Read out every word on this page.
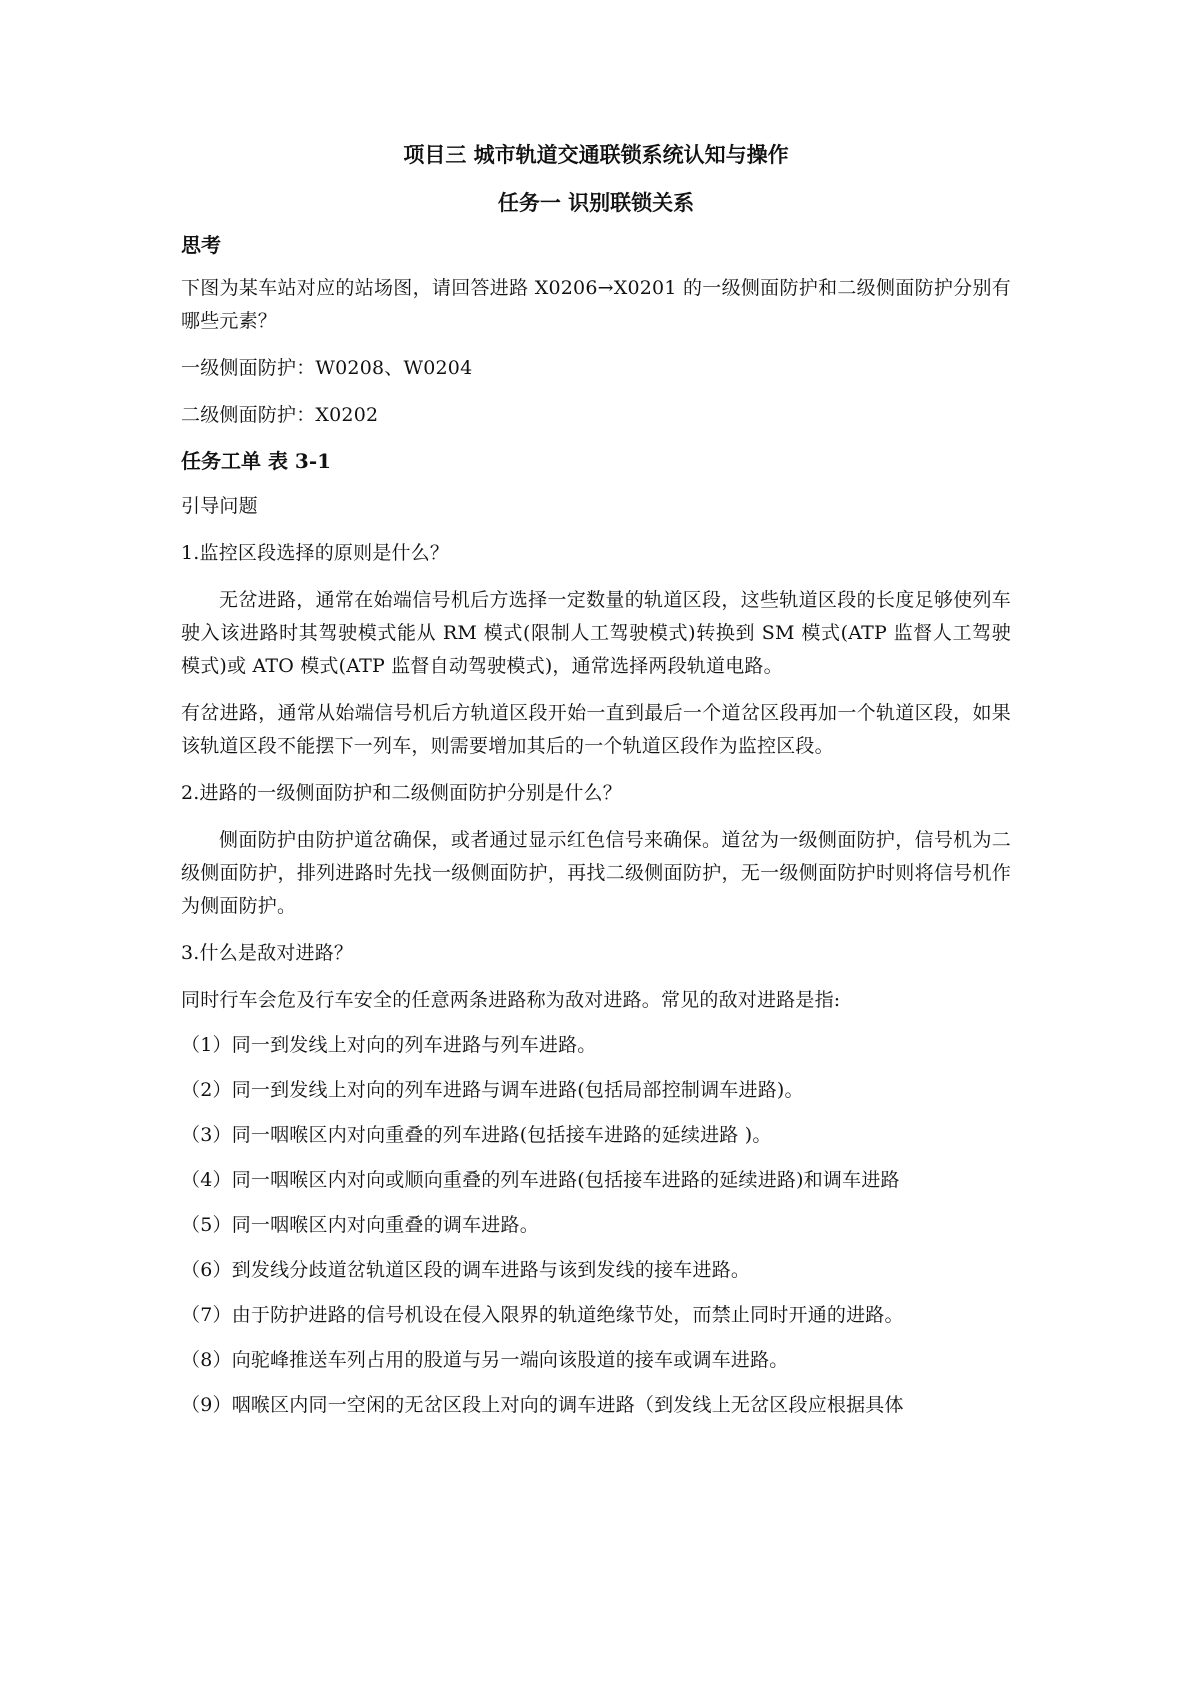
项目三 城市轨道交通联锁系统认知与操作

任务一 识别联锁关系

思考

下图为某车站对应的站场图，请回答进路 X0206→X0201 的一级侧面防护和二级侧面防护分别有哪些元素？

一级侧面防护：W0208、W0204

二级侧面防护：X0202

任务工单 表 3-1

引导问题

1.监控区段选择的原则是什么？

无岔进路，通常在始端信号机后方选择一定数量的轨道区段，这些轨道区段的长度足够使列车驶入该进路时其驾驶模式能从 RM 模式(限制人工驾驶模式)转换到 SM 模式(ATP 监督人工驾驶模式)或 ATO 模式(ATP 监督自动驾驶模式)，通常选择两段轨道电路。

有岔进路，通常从始端信号机后方轨道区段开始一直到最后一个道岔区段再加一个轨道区段，如果该轨道区段不能摆下一列车，则需要增加其后的一个轨道区段作为监控区段。

2.进路的一级侧面防护和二级侧面防护分别是什么？

侧面防护由防护道岔确保，或者通过显示红色信号来确保。道岔为一级侧面防护，信号机为二级侧面防护，排列进路时先找一级侧面防护，再找二级侧面防护，无一级侧面防护时则将信号机作为侧面防护。

3.什么是敌对进路？

同时行车会危及行车安全的任意两条进路称为敌对进路。常见的敌对进路是指:

（1）同一到发线上对向的列车进路与列车进路。

（2）同一到发线上对向的列车进路与调车进路(包括局部控制调车进路)。

（3）同一咽喉区内对向重叠的列车进路(包括接车进路的延续进路 )。

（4）同一咽喉区内对向或顺向重叠的列车进路(包括接车进路的延续进路)和调车进路

（5）同一咽喉区内对向重叠的调车进路。

（6）到发线分歧道岔轨道区段的调车进路与该到发线的接车进路。

（7）由于防护进路的信号机设在侵入限界的轨道绝缘节处，而禁止同时开通的进路。

（8）向驼峰推送车列占用的股道与另一端向该股道的接车或调车进路。

（9）咽喉区内同一空闲的无岔区段上对向的调车进路（到发线上无岔区段应根据具体
